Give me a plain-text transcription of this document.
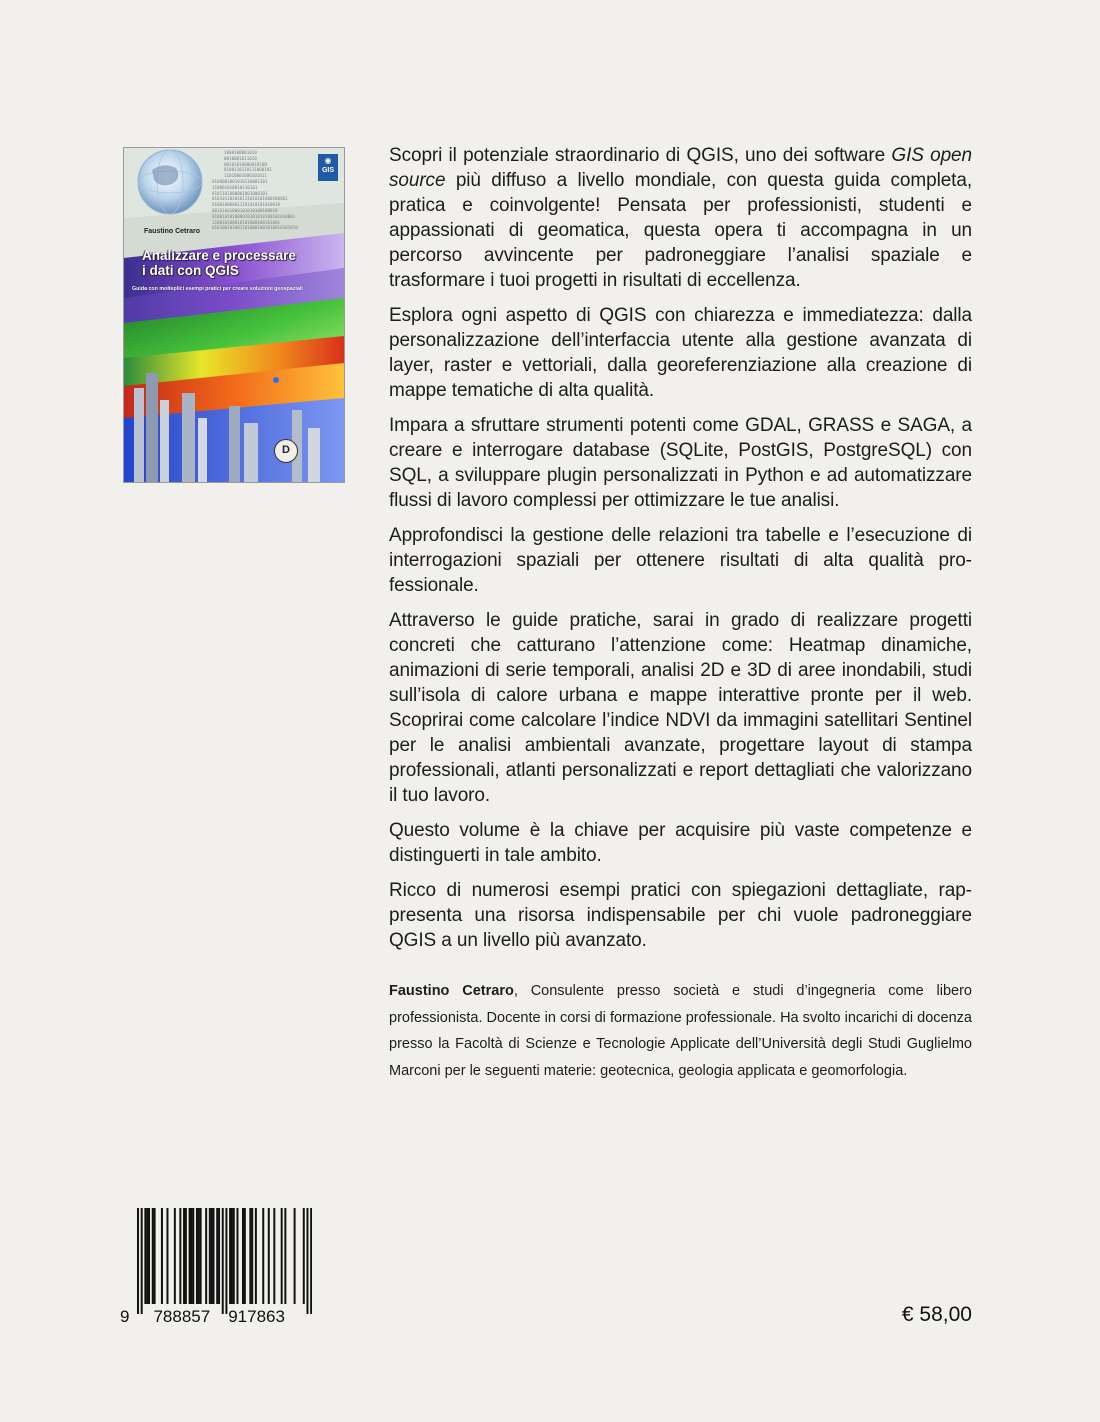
1000100001010
0010001011010
00101010000010100
0100110110111000101
11010001000101011
0100001001010110001101
110001010010110101
0101101000001001000101
010101101010111010101000100001
010010000011101010101010010
00101001000101010100100010
010010101000010101010100101010001
110010100010101000100101001
0101001010011010001001010010101010
◉
GIS
Faustino Cetraro
Analizzare e processare
i dati con QGIS
Guida con molteplici esempi pratici per creare soluzioni geospaziali
D

Scopri il potenziale straordinario di QGIS, uno dei software GIS open source più diffuso a livello mondiale, con questa guida completa, pratica e coinvolgente! Pensata per professionisti, studenti e appassionati di geomatica, questa opera ti accompagna in un percorso avvincente per padroneggiare l’analisi spaziale e trasformare i tuoi progetti in risultati di eccellenza.

Esplora ogni aspetto di QGIS con chiarezza e immediatezza: dalla personalizzazione dell’interfaccia utente alla gestione avanzata di layer, raster e vettoriali, dalla georeferenziazione alla creazione di mappe tematiche di alta qualità.

Impara a sfruttare strumenti potenti come GDAL, GRASS e SAGA, a creare e interrogare database (SQLite, PostGIS, PostgreSQL) con SQL, a sviluppare plugin personalizzati in Python e ad automatizzare flussi di lavoro complessi per ottimizzare le tue analisi.

Approfondisci la gestione delle relazioni tra tabelle e l’esecuzione di interrogazioni spaziali per ottenere risultati di alta qualità professionale.

Attraverso le guide pratiche, sarai in grado di realizzare progetti concreti che catturano l’attenzione come: Heatmap dinamiche, animazioni di serie temporali, analisi 2D e 3D di aree inondabili, studi sull’isola di calore urbana e mappe interattive pronte per il web. Scoprirai come calcolare l’indice NDVI da immagini satellitari Sentinel per le analisi ambientali avanzate, progettare layout di stampa professionali, atlanti personalizzati e report dettagliati che valorizzano il tuo lavoro.

Questo volume è la chiave per acquisire più vaste competenze e distinguerti in tale ambito.

Ricco di numerosi esempi pratici con spiegazioni dettagliate, rappresenta una risorsa indispensabile per chi vuole padroneggiare QGIS a un livello più avanzato.

Faustino Cetraro, Consulente presso società e studi d’ingegneria come libero professionista. Docente in corsi di formazione professionale. Ha svolto incarichi di docenza presso la Facoltà di Scienze e Tecnologie Applicate dell’Università degli Studi Guglielmo Marconi per le seguenti materie: geotecnica, geologia applicata e geomorfologia.
9 788857 917863	€ 58,00
